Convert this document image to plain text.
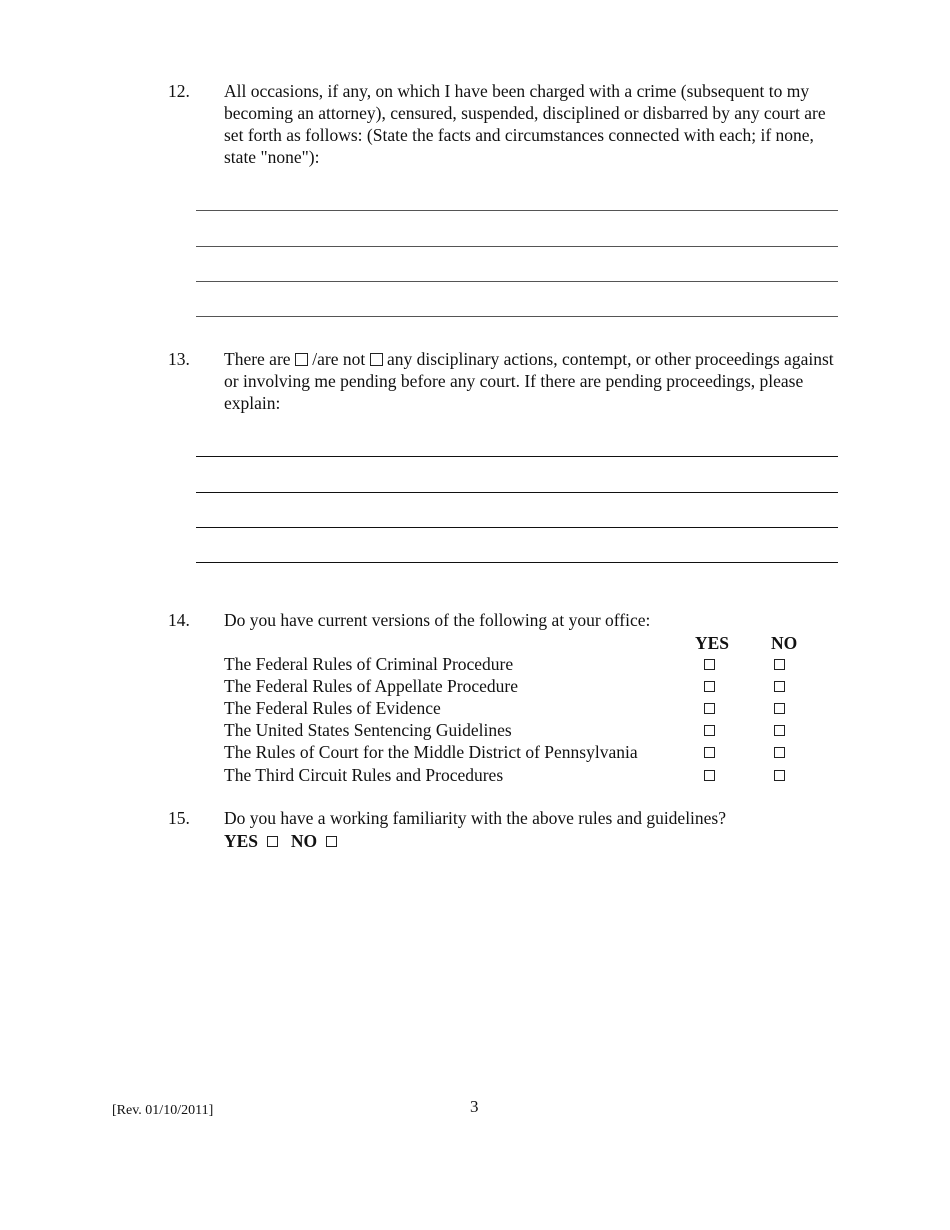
12. All occasions, if any, on which I have been charged with a crime (subsequent to my becoming an attorney), censured, suspended, disciplined or disbarred by any court are set forth as follows: (State the facts and circumstances connected with each; if none, state "none"):
13. There are /are not  any disciplinary actions, contempt, or other proceedings against or involving me pending before any court. If there are pending proceedings, please explain:
14. Do you have current versions of the following at your office:
YES NO
The Federal Rules of Criminal Procedure
The Federal Rules of Appellate Procedure
The Federal Rules of Evidence
The United States Sentencing Guidelines
The Rules of Court for the Middle District of Pennsylvania
The Third Circuit Rules and Procedures
15. Do you have a working familiarity with the above rules and guidelines?
YES NO
[Rev. 01/10/2011]	3
